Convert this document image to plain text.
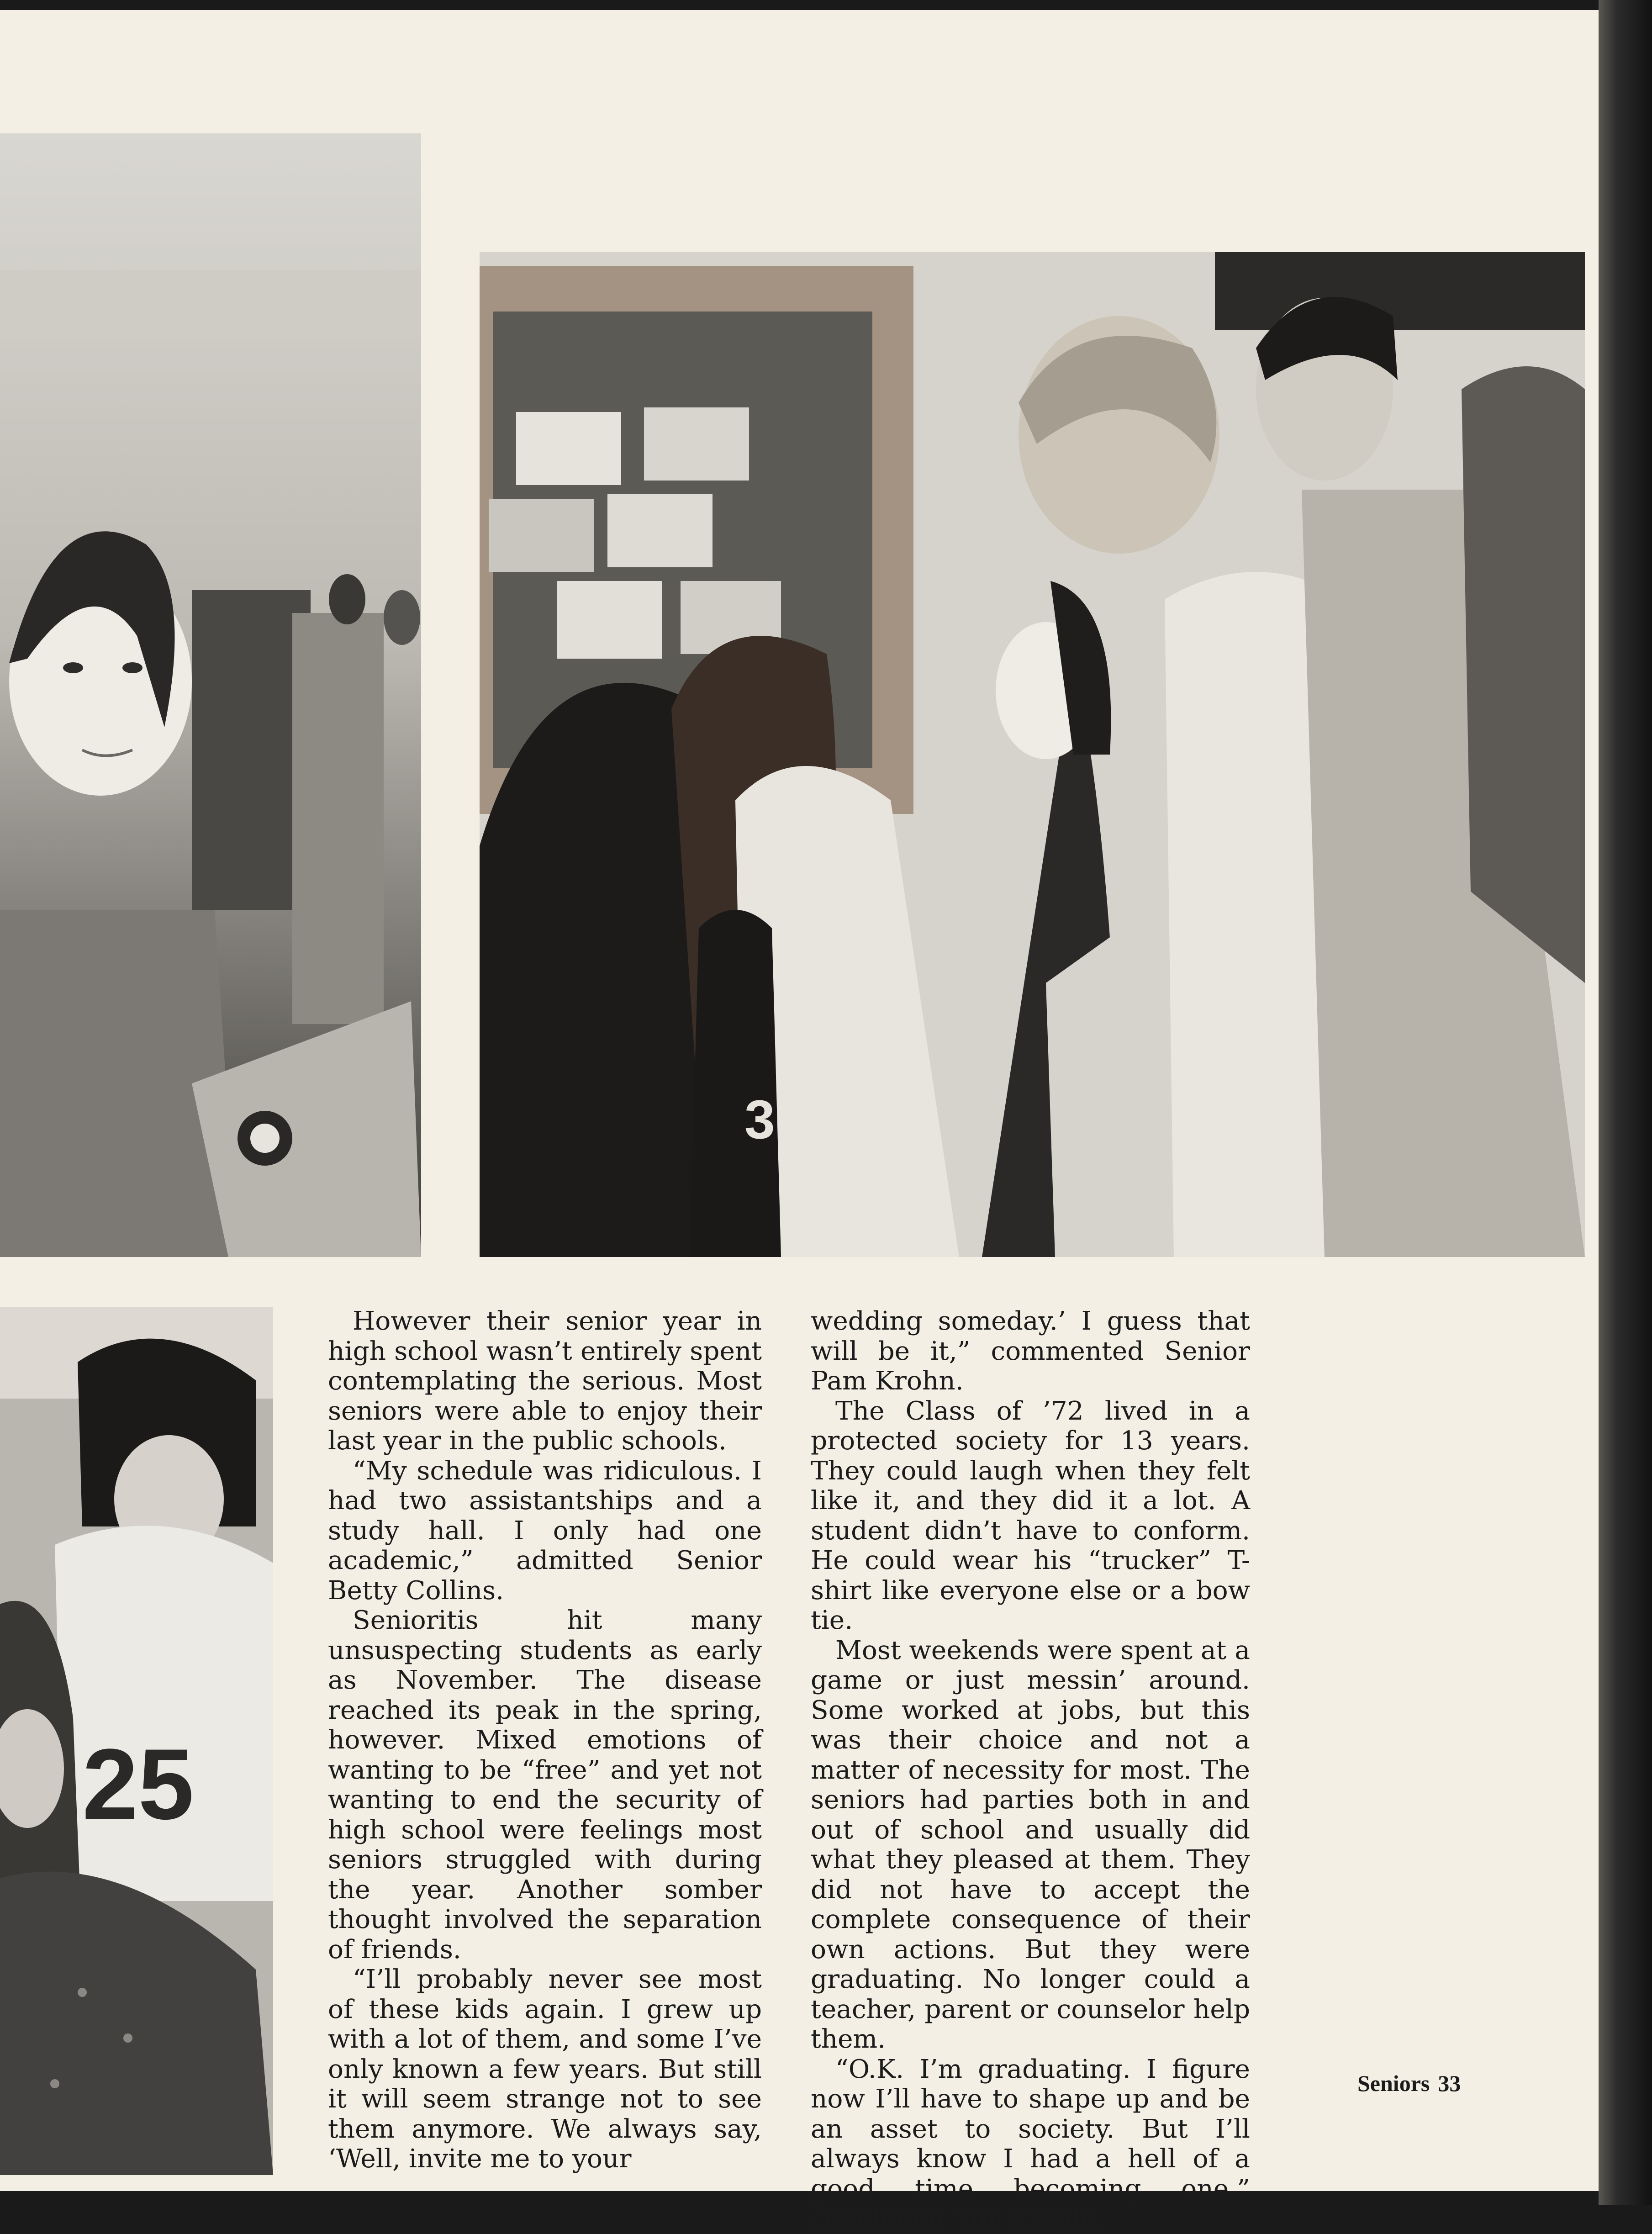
3
25

However their senior year in high school wasn’t entirely spent contemplating the serious. Most seniors were able to enjoy their last year in the public schools.

“My schedule was ridiculous. I had two assistantships and a study hall. I only had one academic,” admitted Senior Betty Collins.

Senioritis hit many unsuspecting students as early as November. The disease reached its peak in the spring, however. Mixed emotions of wanting to be “free” and yet not wanting to end the security of high school were feelings most seniors struggled with during the year. Another somber thought involved the separation of friends.

“I’ll probably never see most of these kids again. I grew up with a lot of them, and some I’ve only known a few years. But still it will seem strange not to see them anymore. We always say, ‘Well, invite me to your

wedding someday.’ I guess that will be it,” commented Senior Pam Krohn.

The Class of ’72 lived in a protected society for 13 years. They could laugh when they felt like it, and they did it a lot. A student didn’t have to conform. He could wear his “trucker” T-shirt like everyone else or a bow tie.

Most weekends were spent at a game or just messin’ around. Some worked at jobs, but this was their choice and not a matter of necessity for most. The seniors had parties both in and out of school and usually did what they pleased at them. They did not have to accept the complete consequence of their own actions. But they were graduating. No longer could a teacher, parent or counselor help them.

“O.K. I’m graduating. I figure now I’ll have to shape up and be an asset to society. But I’ll always know I had a hell of a good time becoming one,” concluded Tim Knight.

Seniors 33
